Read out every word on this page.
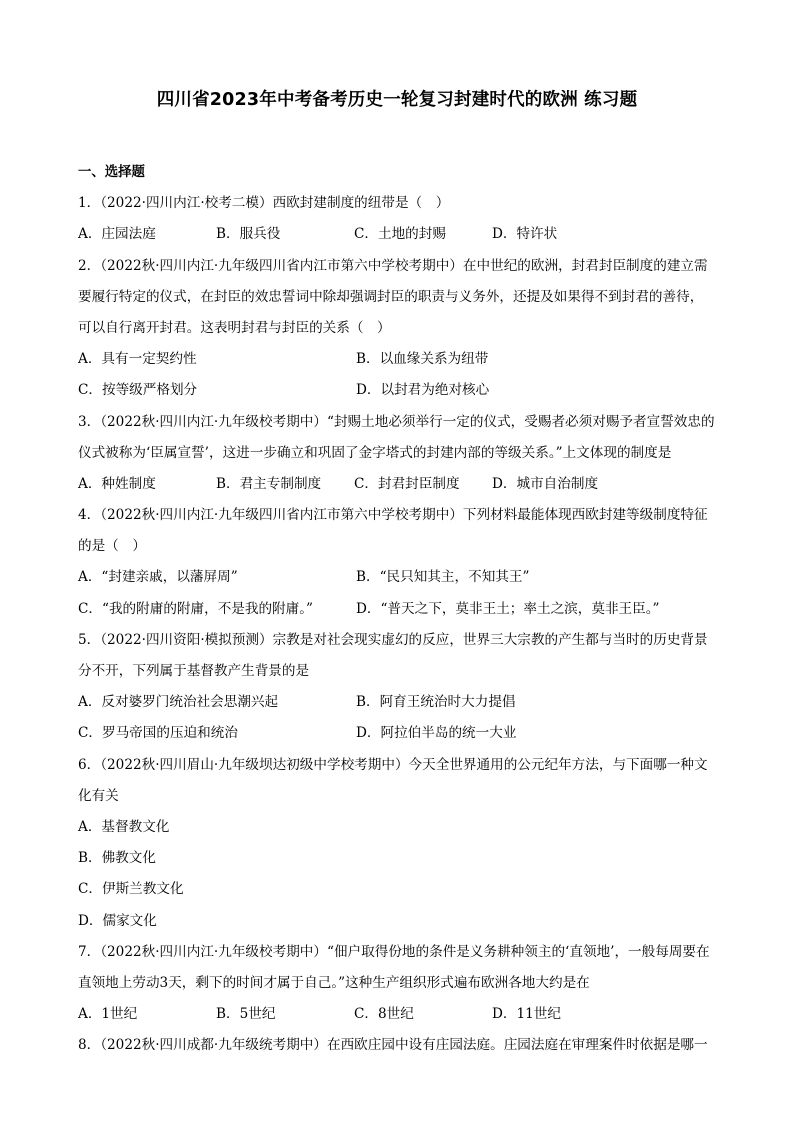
四川省2023年中考备考历史一轮复习封建时代的欧洲 练习题
一、选择题
1．（2022·四川内江·校考二模）西欧封建制度的纽带是（　）
A．庄园法庭	B．服兵役	C．土地的封赐	D．特许状
2．（2022秋·四川内江·九年级四川省内江市第六中学校考期中）在中世纪的欧洲，封君封臣制度的建立需
要履行特定的仪式，在封臣的效忠誓词中除却强调封臣的职责与义务外，还提及如果得不到封君的善待，
可以自行离开封君。这表明封君与封臣的关系（　）
A．具有一定契约性	B．以血缘关系为纽带
C．按等级严格划分	D．以封君为绝对核心
3．（2022秋·四川内江·九年级校考期中）“封赐土地必须举行一定的仪式，受赐者必须对赐予者宣誓效忠的
仪式被称为‘臣属宣誓’，这进一步确立和巩固了金字塔式的封建内部的等级关系。”上文体现的制度是
A．种姓制度	B．君主专制制度	C．封君封臣制度	D．城市自治制度
4．（2022秋·四川内江·九年级四川省内江市第六中学校考期中）下列材料最能体现西欧封建等级制度特征
的是（　）
A．“封建亲戚，以藩屏周”	B．“民只知其主，不知其王”
C．“我的附庸的附庸，不是我的附庸。”	D．“普天之下，莫非王土；率土之滨，莫非王臣。”
5．（2022·四川资阳·模拟预测）宗教是对社会现实虚幻的反应，世界三大宗教的产生都与当时的历史背景
分不开，下列属于基督教产生背景的是
A．反对婆罗门统治社会思潮兴起	B．阿育王统治时大力提倡
C．罗马帝国的压迫和统治	D．阿拉伯半岛的统一大业
6．（2022秋·四川眉山·九年级坝达初级中学校考期中）今天全世界通用的公元纪年方法，与下面哪一种文
化有关
A．基督教文化
B．佛教文化
C．伊斯兰教文化
D．儒家文化
7．（2022秋·四川内江·九年级校考期中）“佃户取得份地的条件是义务耕种领主的‘直领地’，一般每周要在
直领地上劳动3天，剩下的时间才属于自己。”这种生产组织形式遍布欧洲各地大约是在
A．1世纪	B．5世纪	C．8世纪	D．11世纪
8．（2022秋·四川成都·九年级统考期中）在西欧庄园中设有庄园法庭。庄园法庭在审理案件时依据是哪一
